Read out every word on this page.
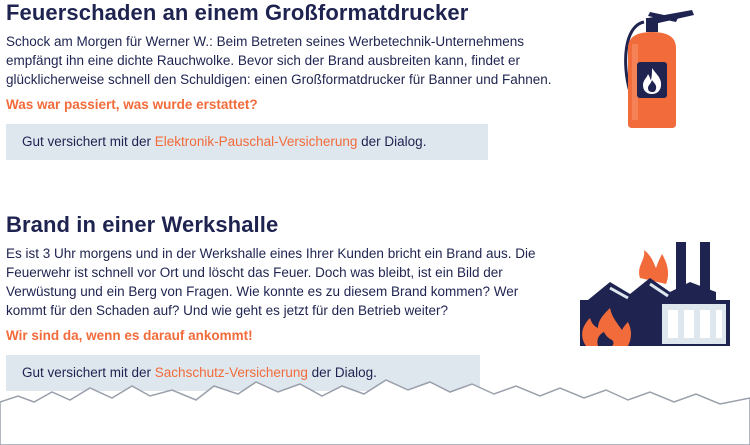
Feuerschaden an einem Großformatdrucker

Schock am Morgen für Werner W.: Beim Betreten seines Werbetechnik-Unternehmens empfängt ihn eine dichte Rauchwolke. Bevor sich der Brand ausbreiten kann, findet er glücklicherweise schnell den Schuldigen: einen Großformatdrucker für Banner und Fahnen.

Was war passiert, was wurde erstattet?
Gut versichert mit der Elektronik-Pauschal-Versicherung der Dialog.
Brand in einer Werkshalle

Es ist 3 Uhr morgens und in der Werkshalle eines Ihrer Kunden bricht ein Brand aus. Die Feuerwehr ist schnell vor Ort und löscht das Feuer. Doch was bleibt, ist ein Bild der Verwüstung und ein Berg von Fragen. Wie konnte es zu diesem Brand kommen? Wer kommt für den Schaden auf? Und wie geht es jetzt für den Betrieb weiter?

Wir sind da, wenn es darauf ankommt!
Gut versichert mit der Sachschutz-Versicherung der Dialog.
